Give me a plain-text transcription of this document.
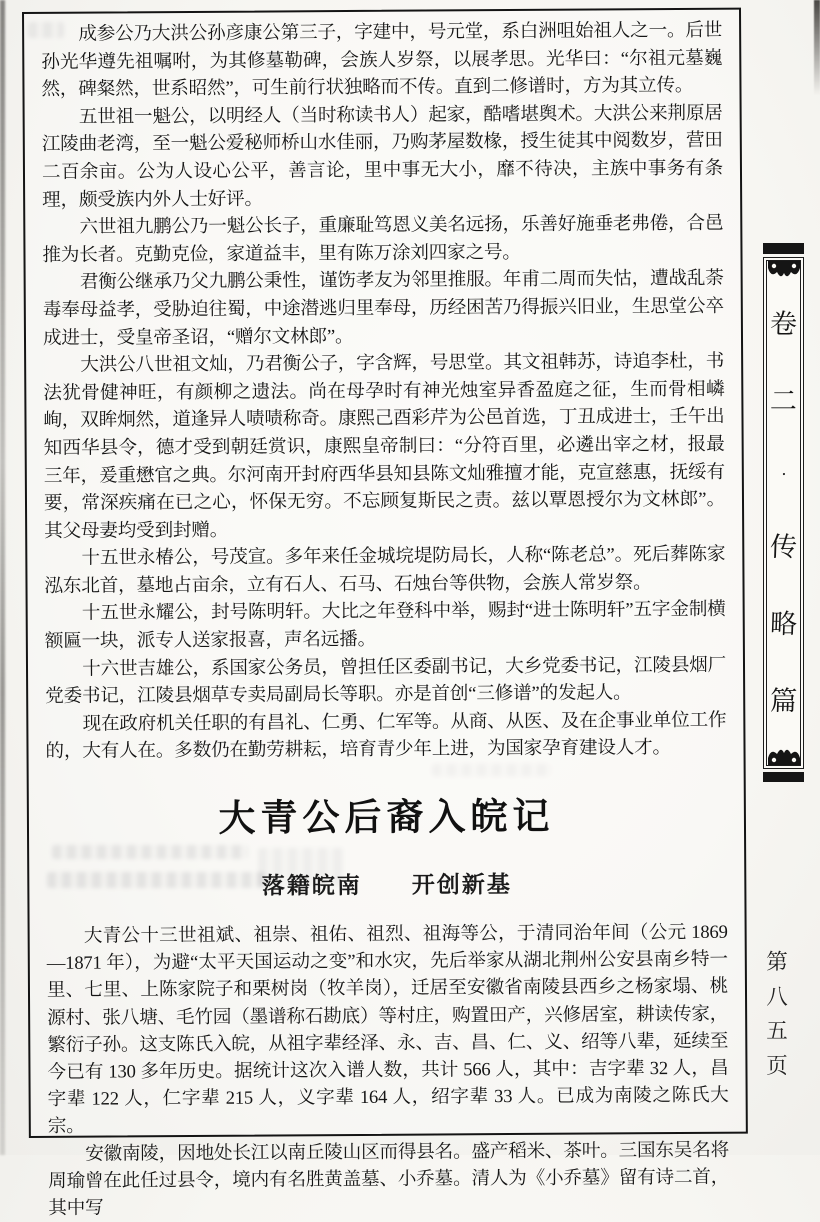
成参公乃大洪公孙彦康公第三子，字建中，号元堂，系白洲咀始祖人之一。后世孙光华遵先祖嘱咐，为其修墓勒碑，会族人岁祭，以展孝思。光华曰：“尔祖元墓巍然，碑粲然，世系昭然”，可生前行状独略而不传。直到二修谱时，方为其立传。

五世祖一魁公，以明经人（当时称读书人）起家，酷嗜堪舆术。大洪公来荆原居江陵曲老湾，至一魁公爱秘师桥山水佳丽，乃购茅屋数椽，授生徒其中阅数岁，营田二百余亩。公为人设心公平，善言论，里中事无大小，靡不待决，主族中事务有条理，颇受族内外人士好评。

六世祖九鹏公乃一魁公长子，重廉耻笃恩义美名远扬，乐善好施垂老弗倦，合邑推为长者。克勤克俭，家道益丰，里有陈万涂刘四家之号。

君衡公继承乃父九鹏公秉性，谨饬孝友为邻里推服。年甫二周而失怙，遭战乱荼毒奉母益孝，受胁迫往蜀，中途潜逃归里奉母，历经困苦乃得振兴旧业，生思堂公卒成进士，受皇帝圣诏，“赠尔文林郎”。

大洪公八世祖文灿，乃君衡公子，字含辉，号思堂。其文祖韩苏，诗追李杜，书法犹骨健神旺，有颜柳之遗法。尚在母孕时有神光烛室异香盈庭之征，生而骨相嶙峋，双眸炯然，道逢异人啧啧称奇。康熙己酉彩芹为公邑首选，丁丑成进士，壬午出知西华县令，德才受到朝廷赏识，康熙皇帝制曰：“分符百里，必遴出宰之材，报最三年，爰重懋官之典。尔河南开封府西华县知县陈文灿雅擅才能，克宣慈惠，抚绥有要，常深疾痛在已之心，怀保无穷。不忘顾复斯民之责。兹以覃恩授尔为文林郎”。其父母妻均受到封赠。

十五世永椿公，号茂宣。多年来任金城垸堤防局长，人称“陈老总”。死后葬陈家泓东北首，墓地占亩余，立有石人、石马、石烛台等供物，会族人常岁祭。

十五世永耀公，封号陈明轩。大比之年登科中举，赐封“进士陈明轩”五字金制横额匾一块，派专人送家报喜，声名远播。

十六世吉雄公，系国家公务员，曾担任区委副书记，大乡党委书记，江陵县烟厂党委书记，江陵县烟草专卖局副局长等职。亦是首创“三修谱”的发起人。

现在政府机关任职的有昌礼、仁勇、仁军等。从商、从医、及在企事业单位工作的，大有人在。多数仍在勤劳耕耘，培育青少年上进，为国家孕育建设人才。

大青公后裔入皖记
落籍皖南　　开创新基

大青公十三世祖斌、祖崇、祖佑、祖烈、祖海等公，于清同治年间（公元 1869—1871 年），为避“太平天国运动之变”和水灾，先后举家从湖北荆州公安县南乡特一里、七里、上陈家院子和栗树岗（牧羊岗），迁居至安徽省南陵县西乡之杨家塌、桃源村、张八塘、毛竹园（墨谱称石勘底）等村庄，购置田产，兴修居室，耕读传家，繁衍子孙。这支陈氏入皖，从祖字辈经泽、永、吉、昌、仁、义、绍等八辈，延续至今已有 130 多年历史。据统计这次入谱人数，共计 566 人，其中：吉字辈 32 人，昌字辈 122 人，仁字辈 215 人，义字辈 164 人，绍字辈 33 人。已成为南陵之陈氏大宗。

安徽南陵，因地处长江以南丘陵山区而得县名。盛产稻米、茶叶。三国东吴名将周瑜曾在此任过县令，境内有名胜黄盖墓、小乔墓。清人为《小乔墓》留有诗二首，其中写

卷
二
·
传
略
篇
第
八
五
页
